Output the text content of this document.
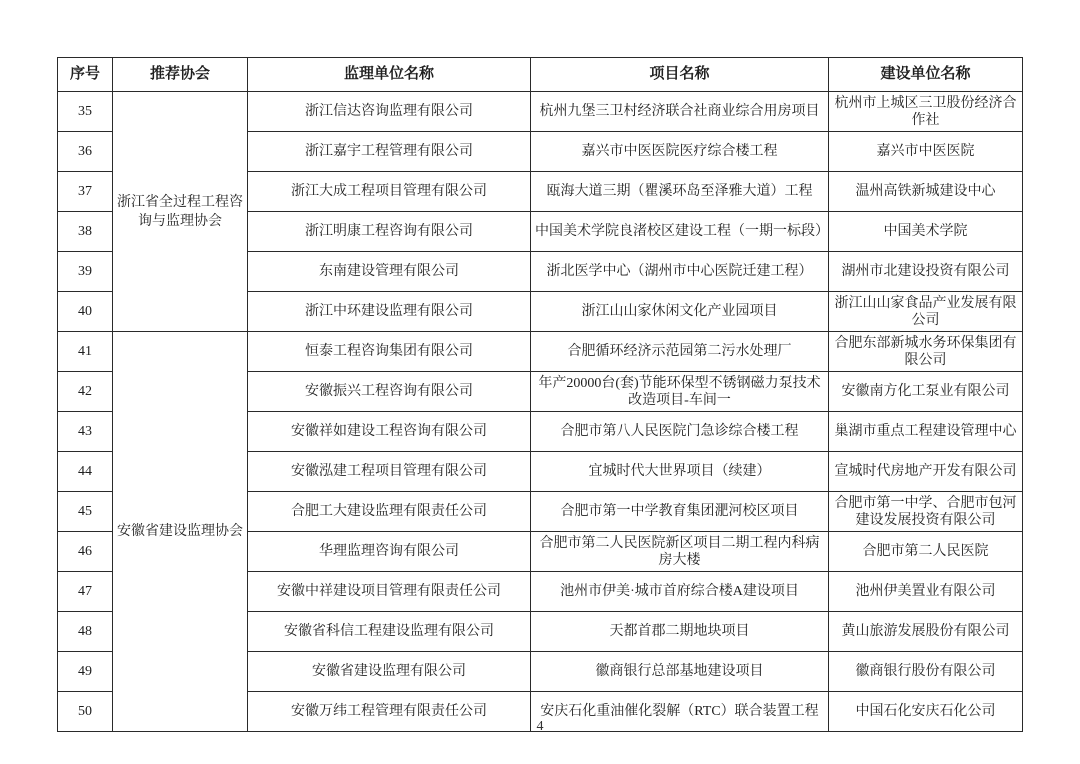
序号	推荐协会	监理单位名称	项目名称	建设单位名称
35	浙江省全过程工程咨询与监理协会	浙江信达咨询监理有限公司	杭州九堡三卫村经济联合社商业综合用房项目	杭州市上城区三卫股份经济合作社
36		浙江嘉宇工程管理有限公司	嘉兴市中医医院医疗综合楼工程	嘉兴市中医医院
37		浙江大成工程项目管理有限公司	瓯海大道三期（瞿溪环岛至泽雅大道）工程	温州高铁新城建设中心
38		浙江明康工程咨询有限公司	中国美术学院良渚校区建设工程（一期一标段）	中国美术学院
39		东南建设管理有限公司	浙北医学中心（湖州市中心医院迁建工程）	湖州市北建设投资有限公司
40		浙江中环建设监理有限公司	浙江山山家休闲文化产业园项目	浙江山山家食品产业发展有限公司
41	安徽省建设监理协会	恒泰工程咨询集团有限公司	合肥循环经济示范园第二污水处理厂	合肥东部新城水务环保集团有限公司
42		安徽振兴工程咨询有限公司	年产20000台(套)节能环保型不锈钢磁力泵技术改造项目-车间一	安徽南方化工泵业有限公司
43		安徽祥如建设工程咨询有限公司	合肥市第八人民医院门急诊综合楼工程	巢湖市重点工程建设管理中心
44		安徽泓建工程项目管理有限公司	宜城时代大世界项目（续建）	宣城时代房地产开发有限公司
45		合肥工大建设监理有限责任公司	合肥市第一中学教育集团淝河校区项目	合肥市第一中学、合肥市包河建设发展投资有限公司
46		华理监理咨询有限公司	合肥市第二人民医院新区项目二期工程内科病房大楼	合肥市第二人民医院
47		安徽中祥建设项目管理有限责任公司	池州市伊美·城市首府综合楼A建设项目	池州伊美置业有限公司
48		安徽省科信工程建设监理有限公司	天都首郡二期地块项目	黄山旅游发展股份有限公司
49		安徽省建设监理有限公司	徽商银行总部基地建设项目	徽商银行股份有限公司
50		安徽万纬工程管理有限责任公司	安庆石化重油催化裂解（RTC）联合装置工程	中国石化安庆石化公司
4
